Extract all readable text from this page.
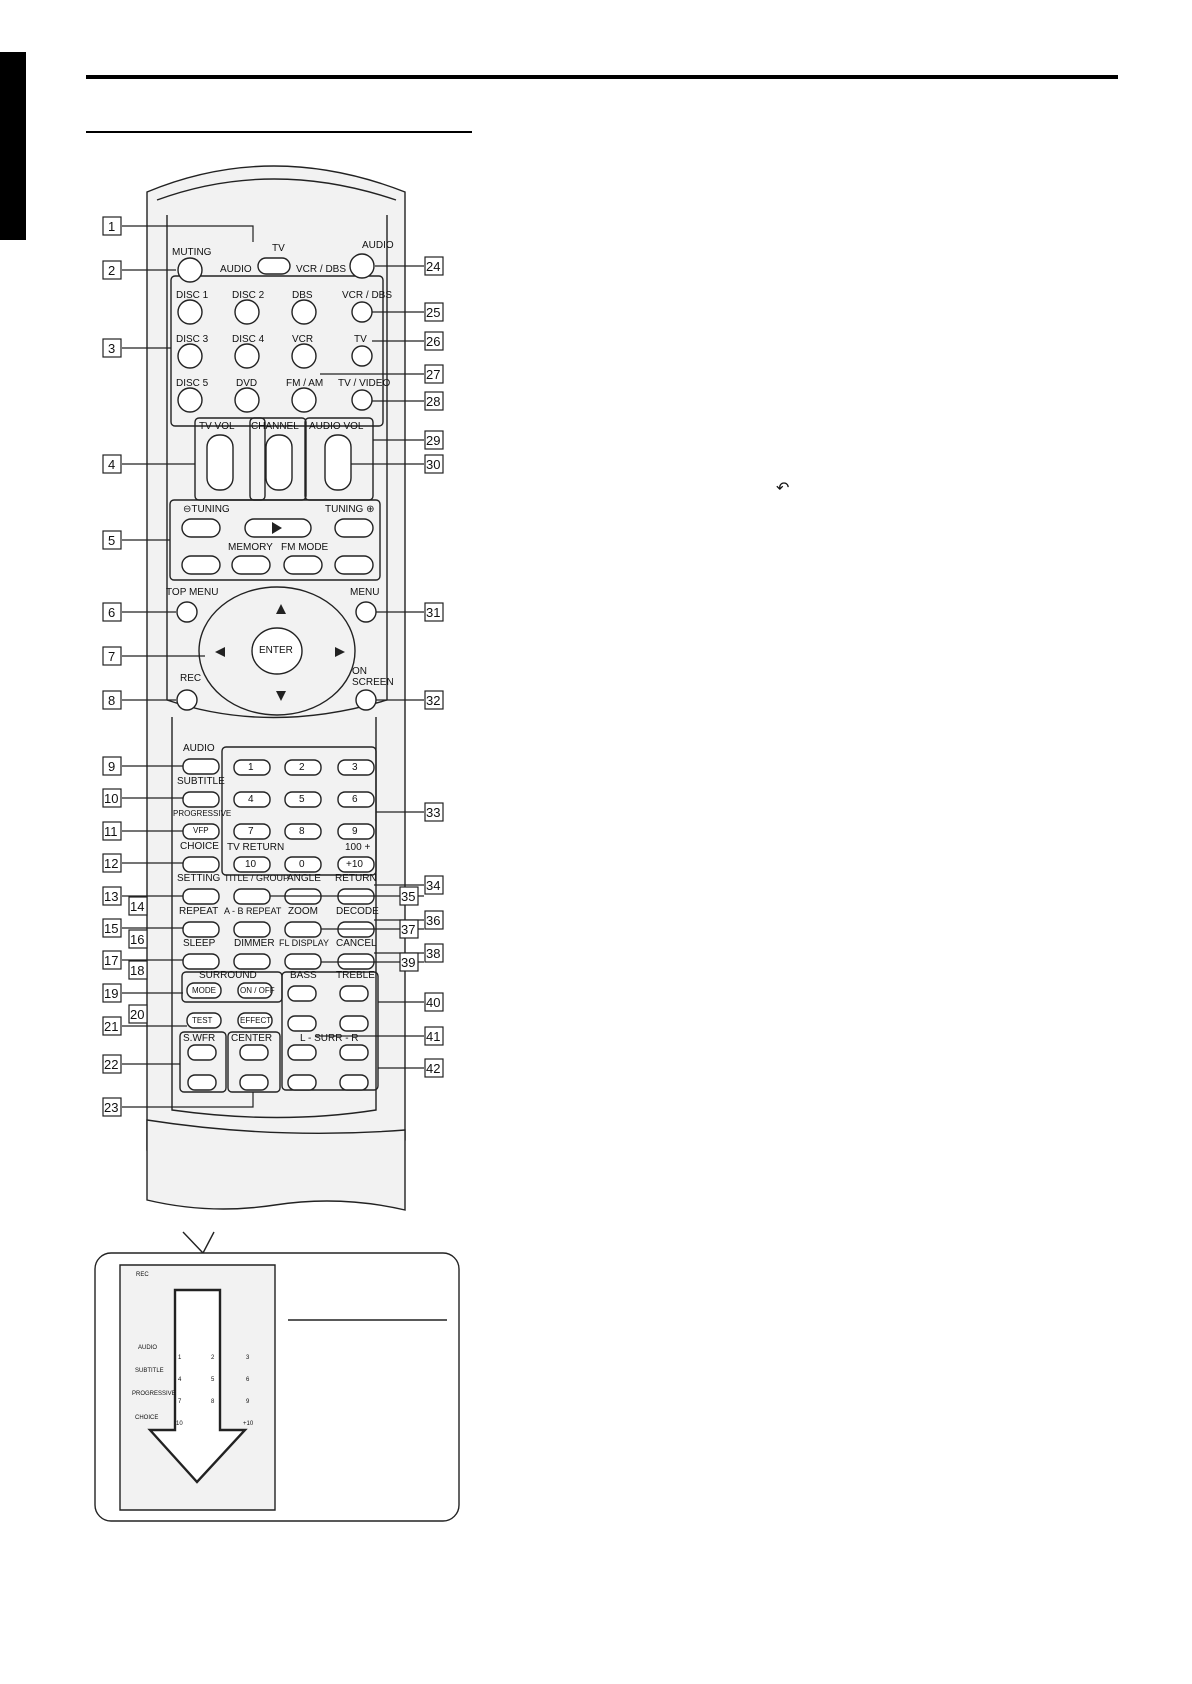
↶
TV
AUDIO	VCR / DBS
AUDIO
MUTING
DISC 1 DISC 2	DBS
DISC 3 DISC 4	VCR
DISC 5	DVD	FM / AM
VCR / DBS
TV
TV / VIDEO
TV VOL CHANNEL AUDIO VOL
⊖TUNING	TUNING ⊕
MEMORY FM MODE
TOP MENU	MENU
ENTER
REC
ON SCREEN
AUDIO
SUBTITLE
PROGRESSIVE
VFP
CHOICE
SETTING
REPEAT
SLEEP
1	2	3
4	5	6
7	8	9
10	0	+10
TV RETURN	100 +
TITLE / GROUP
ANGLE RETURN
A - B REPEAT ZOOM DECODE
DIMMER FL DISPLAY CANCEL
SURROUND
MODE	ON / OFF
TEST	EFFECT
BASS TREBLE
S.WFR CENTER	L - SURR - R
1
2
3
4
5
6
7
8
9
10
11
12
13
14
15
16
17
18
19
20
21
22
23
24
25
26
27
28
29
30
31
32
33
34
35
36
37
38
39
40
41
42
REC
AUDIO
SUBTITLE
PROGRESSIVE
CHOICE
1	2	3
4	5	6
7	8	9
10	+10
